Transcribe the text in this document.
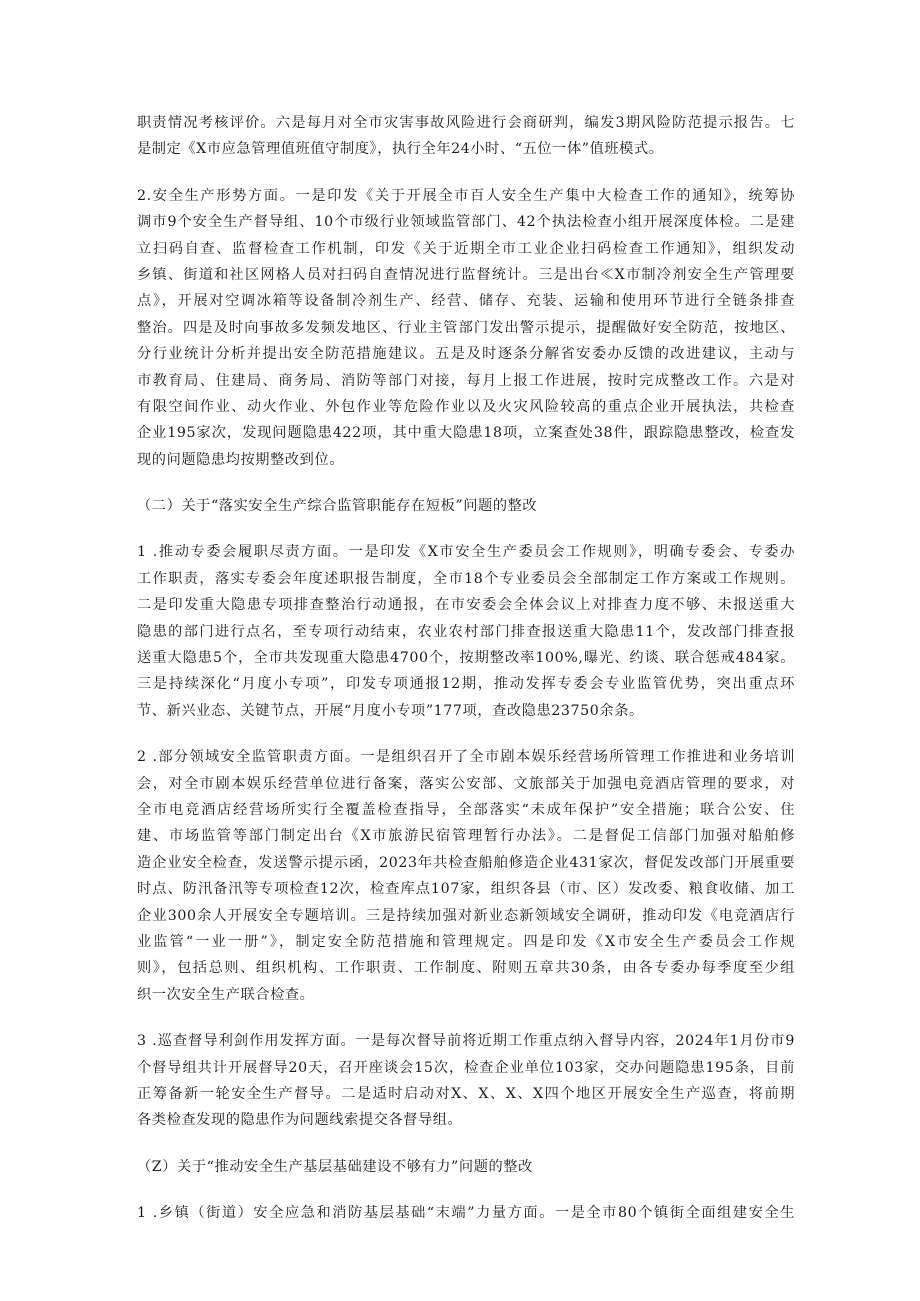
职责情况考核评价。六是每月对全市灾害事故风险进行会商研判，编发3期风险防范提示报告。七
是制定《X市应急管理值班值守制度》，执行全年24小时、“五位一体”值班模式。
2.安全生产形势方面。一是印发《关于开展全市百人安全生产集中大检查工作的通知》，统筹协
调市9个安全生产督导组、10个市级行业领域监管部门、42个执法检查小组开展深度体检。二是建
立扫码自查、监督检查工作机制，印发《关于近期全市工业企业扫码检查工作通知》，组织发动
乡镇、街道和社区网格人员对扫码自查情况进行监督统计。三是出台≪X市制冷剂安全生产管理要
点》，开展对空调冰箱等设备制冷剂生产、经营、储存、充装、运输和使用环节进行全链条排查
整治。四是及时向事故多发频发地区、行业主管部门发出警示提示，提醒做好安全防范，按地区、
分行业统计分析并提出安全防范措施建议。五是及时逐条分解省安委办反馈的改进建议，主动与
市教育局、住建局、商务局、消防等部门对接，每月上报工作进展，按时完成整改工作。六是对
有限空间作业、动火作业、外包作业等危险作业以及火灾风险较高的重点企业开展执法，共检查
企业195家次，发现问题隐患422项，其中重大隐患18项，立案查处38件，跟踪隐患整改，检查发
现的问题隐患均按期整改到位。
（二）关于“落实安全生产综合监管职能存在短板”问题的整改
1 .推动专委会履职尽责方面。一是印发《X市安全生产委员会工作规则》，明确专委会、专委办
工作职责，落实专委会年度述职报告制度，全市18个专业委员会全部制定工作方案或工作规则。
二是印发重大隐患专项排查整治行动通报，在市安委会全体会议上对排查力度不够、未报送重大
隐患的部门进行点名，至专项行动结束，农业农村部门排查报送重大隐患11个，发改部门排查报
送重大隐患5个，全市共发现重大隐患4700个，按期整改率100%,曝光、约谈、联合惩戒484家。
三是持续深化“月度小专项”，印发专项通报12期，推动发挥专委会专业监管优势，突出重点环
节、新兴业态、关键节点，开展“月度小专项”177项，查改隐患23750余条。
2 .部分领域安全监管职责方面。一是组织召开了全市剧本娱乐经营场所管理工作推进和业务培训
会，对全市剧本娱乐经营单位进行备案，落实公安部、文旅部关于加强电竞酒店管理的要求，对
全市电竞酒店经营场所实行全覆盖检查指导，全部落实“未成年保护”安全措施；联合公安、住
建、市场监管等部门制定出台《X市旅游民宿管理暂行办法》。二是督促工信部门加强对船舶修
造企业安全检查，发送警示提示函，2023年共检查船舶修造企业431家次，督促发改部门开展重要
时点、防汛备汛等专项检查12次，检查库点107家，组织各县（市、区）发改委、粮食收储、加工
企业300余人开展安全专题培训。三是持续加强对新业态新领域安全调研，推动印发《电竞酒店行
业监管“一业一册”》，制定安全防范措施和管理规定。四是印发《X市安全生产委员会工作规
则》，包括总则、组织机构、工作职责、工作制度、附则五章共30条，由各专委办每季度至少组
织一次安全生产联合检查。
3 .巡查督导利剑作用发挥方面。一是每次督导前将近期工作重点纳入督导内容，2024年1月份市9
个督导组共计开展督导20天，召开座谈会15次，检查企业单位103家，交办问题隐患195条，目前
正筹备新一轮安全生产督导。二是适时启动对X、X、X、X四个地区开展安全生产巡查，将前期
各类检查发现的隐患作为问题线索提交各督导组。
（Z）关于“推动安全生产基层基础建设不够有力”问题的整改
1 .乡镇（街道）安全应急和消防基层基础“末端”力量方面。一是全市80个镇街全面组建安全生
